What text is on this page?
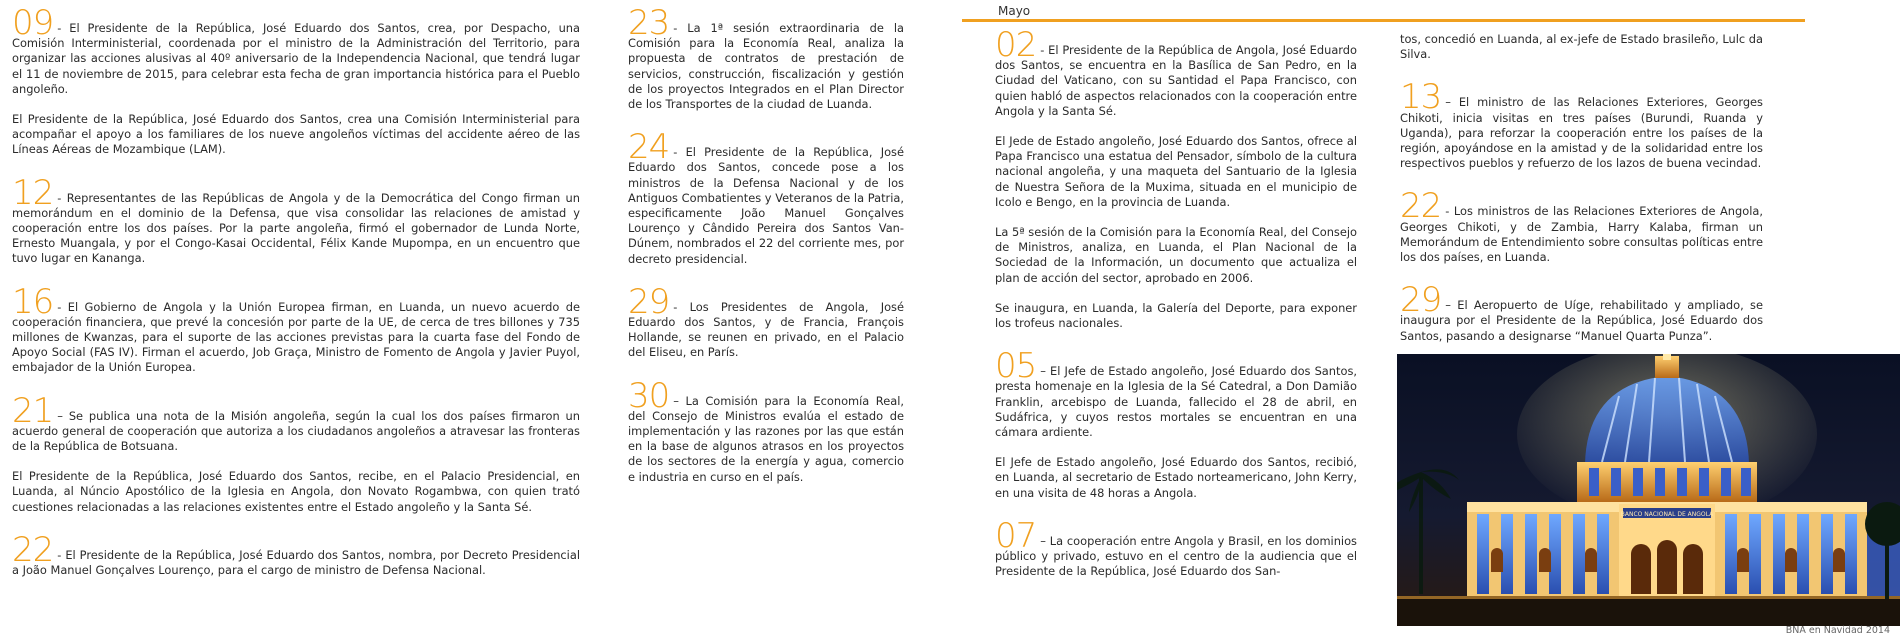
09 - El Presidente de la República, José Eduardo dos Santos, crea, por Despacho, una Comisión Interministerial, coordenada por el ministro de la Administración del Territorio, para organizar las acciones alusivas al 40º aniversario de la Independencia Nacional, que tendrá lugar el 11 de noviembre de 2015, para celebrar esta fecha de gran importancia histórica para el Pueblo angoleño.

El Presidente de la República, José Eduardo dos Santos, crea una Comisión Interministerial para acompañar el apoyo a los familiares de los nueve angoleños víctimas del accidente aéreo de las Líneas Aéreas de Mozambique (LAM).

12 - Representantes de las Repúblicas de Angola y de la Democrática del Congo firman un memorándum en el dominio de la Defensa, que visa consolidar las relaciones de amistad y cooperación entre los dos países. Por la parte angoleña, firmó el gobernador de Lunda Norte, Ernesto Muangala, y por el Congo-Kasai Occidental, Félix Kande Mupompa, en un encuentro que tuvo lugar en Kananga.

16 - El Gobierno de Angola y la Unión Europea firman, en Luanda, un nuevo acuerdo de cooperación financiera, que prevé la concesión por parte de la UE, de cerca de tres billones y 735 millones de Kwanzas, para el suporte de las acciones previstas para la cuarta fase del Fondo de Apoyo Social (FAS IV). Firman el acuerdo, Job Graça, Ministro de Fomento de Angola y Javier Puyol, embajador de la Unión Europea.

21 – Se publica una nota de la Misión angoleña, según la cual los dos países firmaron un acuerdo general de cooperación que autoriza a los ciudadanos angoleños a atravesar las fronteras de la República de Botsuana.

El Presidente de la República, José Eduardo dos Santos, recibe, en el Palacio Presidencial, en Luanda, al Núncio Apostólico de la Iglesia en Angola, don Novato Rogambwa, con quien trató cuestiones relacionadas a las relaciones existentes entre el Estado angoleño y la Santa Sé.

22 - El Presidente de la República, José Eduardo dos Santos, nombra, por Decreto Presidencial a João Manuel Gonçalves Lourenço, para el cargo de ministro de Defensa Nacional.

23 - La 1ª sesión extraordinaria de la Comisión para la Economía Real, analiza la propuesta de contratos de prestación de servicios, construcción, fiscalización y gestión de los proyectos Integrados en el Plan Director de los Transportes de la ciudad de Luanda.

24 - El Presidente de la República, José Eduardo dos Santos, concede pose a los ministros de la Defensa Nacional y de los Antiguos Combatientes y Veteranos de la Patria, especificamente João Manuel Gonçalves Lourenço y Cândido Pereira dos Santos Van-Dúnem, nombrados el 22 del corriente mes, por decreto presidencial.

29 - Los Presidentes de Angola, José Eduardo dos Santos, y de Francia, François Hollande, se reunen en privado, en el Palacio del Eliseu, en París.

30 – La Comisión para la Economía Real, del Consejo de Ministros evalúa el estado de implementación y las razones por las que están en la base de algunos atrasos en los proyectos de los sectores de la energía y agua, comercio e industria en curso en el país.

Mayo

02 - El Presidente de la República de Angola, José Eduardo dos Santos, se encuentra en la Basílica de San Pedro, en la Ciudad del Vaticano, con su Santidad el Papa Francisco, con quien habló de aspectos relacionados con la cooperación entre Angola y la Santa Sé.

El Jede de Estado angoleño, José Eduardo dos Santos, ofrece al Papa Francisco una estatua del Pensador, símbolo de la cultura nacional angoleña, y una maqueta del Santuario de la Iglesia de Nuestra Señora de la Muxima, situada en el municipio de Icolo e Bengo, en la provincia de Luanda.

La 5ª sesión de la Comisión para la Economía Real, del Consejo de Ministros, analiza, en Luanda, el Plan Nacional de la Sociedad de la Información, un documento que actualiza el plan de acción del sector, aprobado en 2006.

Se inaugura, en Luanda, la Galería del Deporte, para exponer los trofeus nacionales.

05 – El Jefe de Estado angoleño, José Eduardo dos Santos, presta homenaje en la Iglesia de la Sé Catedral, a Don Damião Franklin, arcebispo de Luanda, fallecido el 28 de abril, en Sudáfrica, y cuyos restos mortales se encuentran en una cámara ardiente.

El Jefe de Estado angoleño, José Eduardo dos Santos, recibió, en Luanda, al secretario de Estado norteamericano, John Kerry, en una visita de 48 horas a Angola.

07 – La cooperación entre Angola y Brasil, en los dominios público y privado, estuvo en el centro de la audiencia que el Presidente de la República, José Eduardo dos San-

tos, concedió en Luanda, al ex-jefe de Estado brasileño, Lulc da Silva.

13 – El ministro de las Relaciones Exteriores, Georges Chikoti, inicia visitas en tres países (Burundi, Ruanda y Uganda), para reforzar la cooperación entre los países de la región, apoyándose en la amistad y de la solidaridad entre los respectivos pueblos y refuerzo de los lazos de buena vecindad.

22 - Los ministros de las Relaciones Exteriores de Angola, Georges Chikoti, y de Zambia, Harry Kalaba, firman un Memorándum de Entendimiento sobre consultas políticas entre los dos países, en Luanda.

29 – El Aeropuerto de Uíge, rehabilitado y ampliado, se inaugura por el Presidente de la República, José Eduardo dos Santos, pasando a designarse “Manuel Quarta Punza”.

BANCO NACIONAL DE ANGOLA
BNA en Navidad 2014
